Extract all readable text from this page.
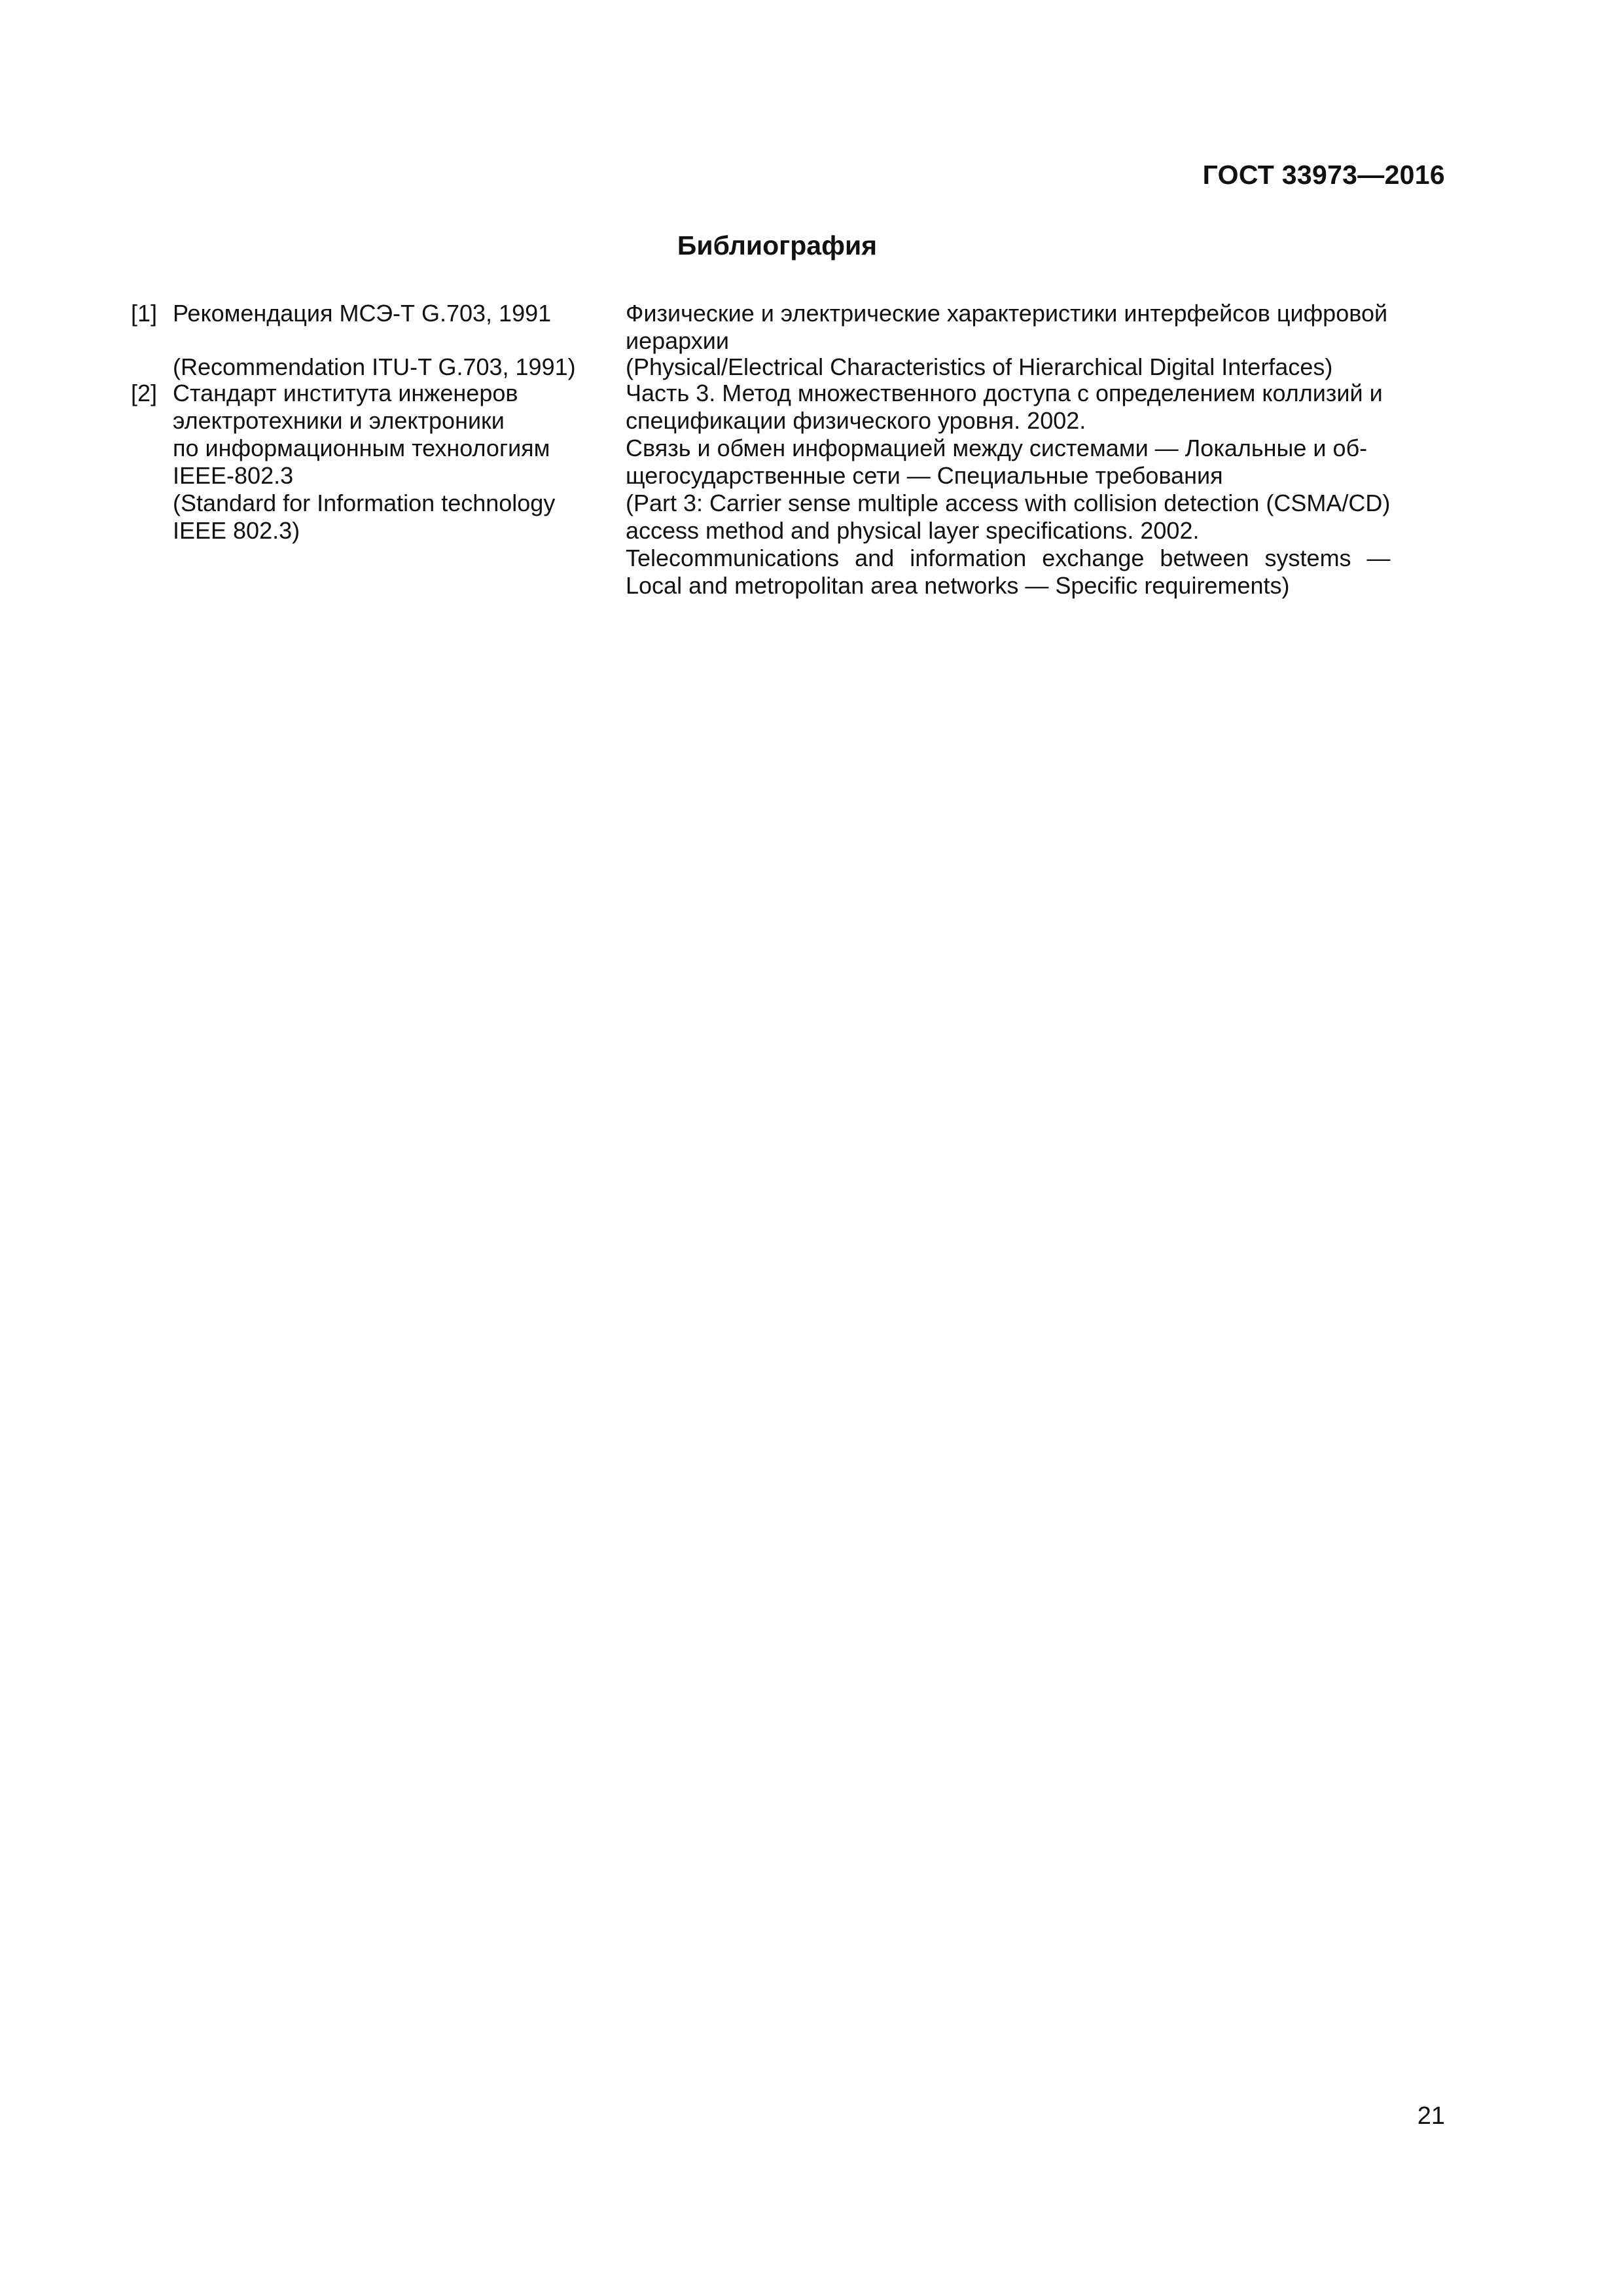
ГОСТ 33973—2016
Библиография
[1] Рекомендация МСЭ-Т G.703, 1991
(Recommendation ITU-T G.703, 1991)
Физические и электрические характеристики интерфейсов цифровой
иерархии
(Physical/Electrical Characteristics of Hierarchical Digital Interfaces)
[2] Стандарт института инженеров
электротехники и электроники
по информационным технологиям
IEEE-802.3
(Standard for Information technology
IEEE 802.3)
Часть 3. Метод множественного доступа с определением коллизий и
спецификации физического уровня. 2002.
Связь и обмен информацией между системами — Локальные и об-
щегосударственные сети — Специальные требования
(Part 3: Carrier sense multiple access with collision detection (CSMA/CD)
access method and physical layer specifications. 2002.
Telecommunications and information exchange between systems —
Local and metropolitan area networks — Specific requirements)
21
